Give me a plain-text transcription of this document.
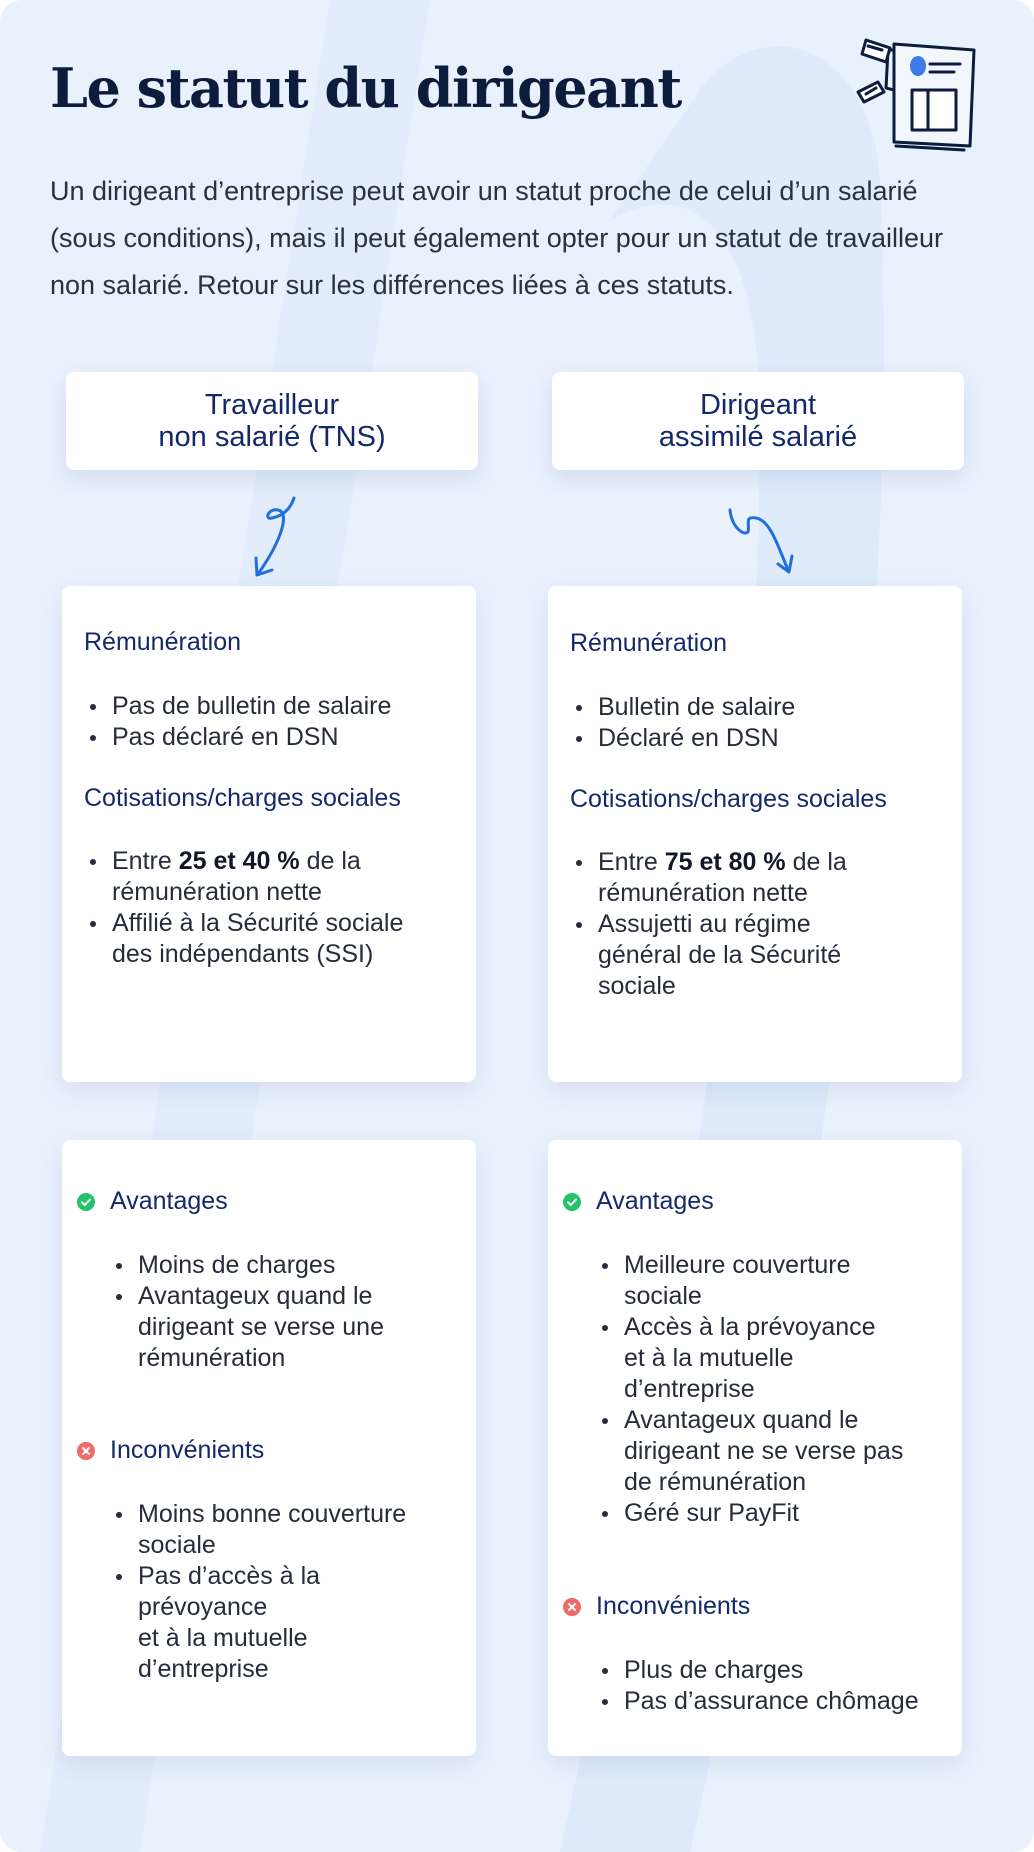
Le statut du dirigeant
Un dirigeant d’entreprise peut avoir un statut proche de celui d’un salarié
(sous conditions), mais il peut également opter pour un statut de travailleur
non salarié. Retour sur les différences liées à ces statuts.
Travailleur
non salarié (TNS)
Dirigeant
assimilé salarié
Rémunération
Pas de bulletin de salaire
Pas déclaré en DSN
Cotisations/charges sociales
Entre 25 et 40 % de la
rémunération nette
Affilié à la Sécurité sociale
des indépendants (SSI)
Rémunération
Bulletin de salaire
Déclaré en DSN
Cotisations/charges sociales
Entre 75 et 80 % de la
rémunération nette
Assujetti au régime
général de la Sécurité
sociale
Avantages
Moins de charges
Avantageux quand le
dirigeant se verse une
rémunération
Inconvénients
Moins bonne couverture
sociale
Pas d’accès à la
prévoyance
et à la mutuelle
d’entreprise
Avantages
Meilleure couverture
sociale
Accès à la prévoyance
et à la mutuelle
d’entreprise
Avantageux quand le
dirigeant ne se verse pas
de rémunération
Géré sur PayFit
Inconvénients
Plus de charges
Pas d’assurance chômage
